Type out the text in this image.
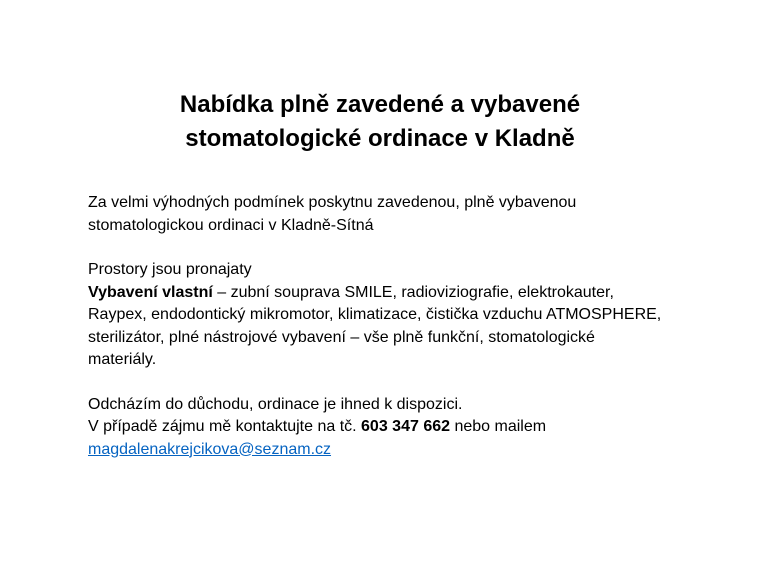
Nabídka plně zavedené a vybavené
stomatologické ordinace v Kladně

Za velmi výhodných podmínek poskytnu zavedenou, plně vybavenou
stomatologickou ordinaci v Kladně-Sítná

Prostory jsou pronajaty
Vybavení vlastní – zubní souprava SMILE, radioviziografie, elektrokauter,
Raypex, endodontický mikromotor, klimatizace, čistička vzduchu ATMOSPHERE,
sterilizátor, plné nástrojové vybavení – vše plně funkční, stomatologické
materiály.

Odcházím do důchodu, ordinace je ihned k dispozici.
V případě zájmu mě kontaktujte na tč. 603 347 662 nebo mailem
magdalenakrejcikova@seznam.cz
